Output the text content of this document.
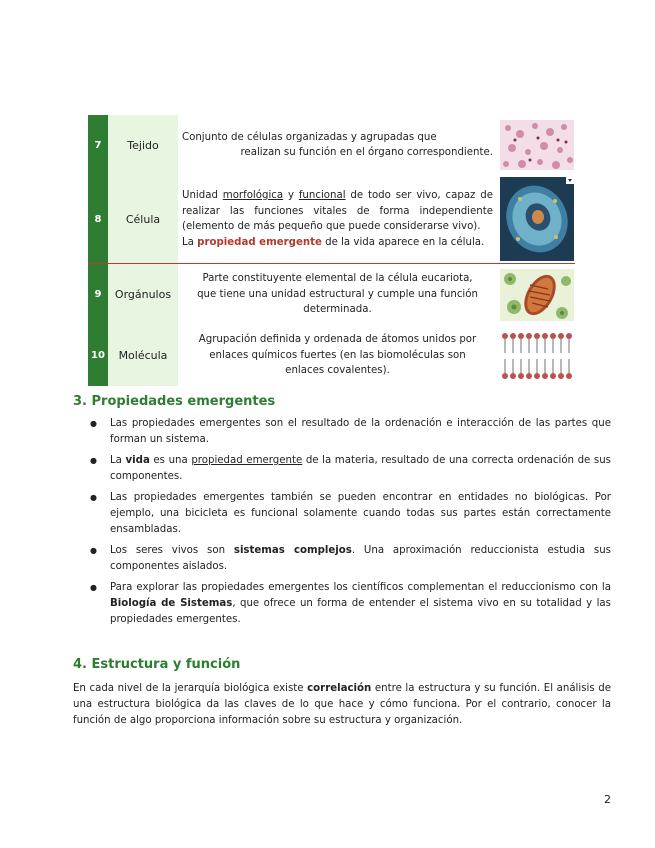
7	Tejido
Conjunto de células organizadas y agrupadas que
realizan su función en el órgano correspondiente.
8	Célula
Unidad morfológica y funcional de todo ser vivo, capaz de realizar las funciones vitales de forma independiente (elemento de más pequeño que puede considerarse vivo).
La propiedad emergente de la vida aparece en la célula.
9	Orgánulos
Parte constituyente elemental de la célula eucariota,
que tiene una unidad estructural y cumple una función
determinada.
10	Molécula
Agrupación definida y ordenada de átomos unidos por
enlaces químicos fuertes (en las biomoléculas son
enlaces covalentes).
3. Propiedades emergentes
● Las propiedades emergentes son el resultado de la ordenación e interacción de las partes que forman un sistema.
● La vida es una propiedad emergente de la materia, resultado de una correcta ordenación de sus componentes.
● Las propiedades emergentes también se pueden encontrar en entidades no biológicas. Por ejemplo, una bicicleta es funcional solamente cuando todas sus partes están correctamente ensambladas.
● Los seres vivos son sistemas complejos. Una aproximación reduccionista estudia sus componentes aislados.
● Para explorar las propiedades emergentes los científicos complementan el reduccionismo con la Biología de Sistemas, que ofrece un forma de entender el sistema vivo en su totalidad y las propiedades emergentes.
4. Estructura y función
En cada nivel de la jerarquía biológica existe correlación entre la estructura y su función. El análisis de una estructura biológica da las claves de lo que hace y cómo funciona. Por el contrario, conocer la función de algo proporciona información sobre su estructura y organización.
2
